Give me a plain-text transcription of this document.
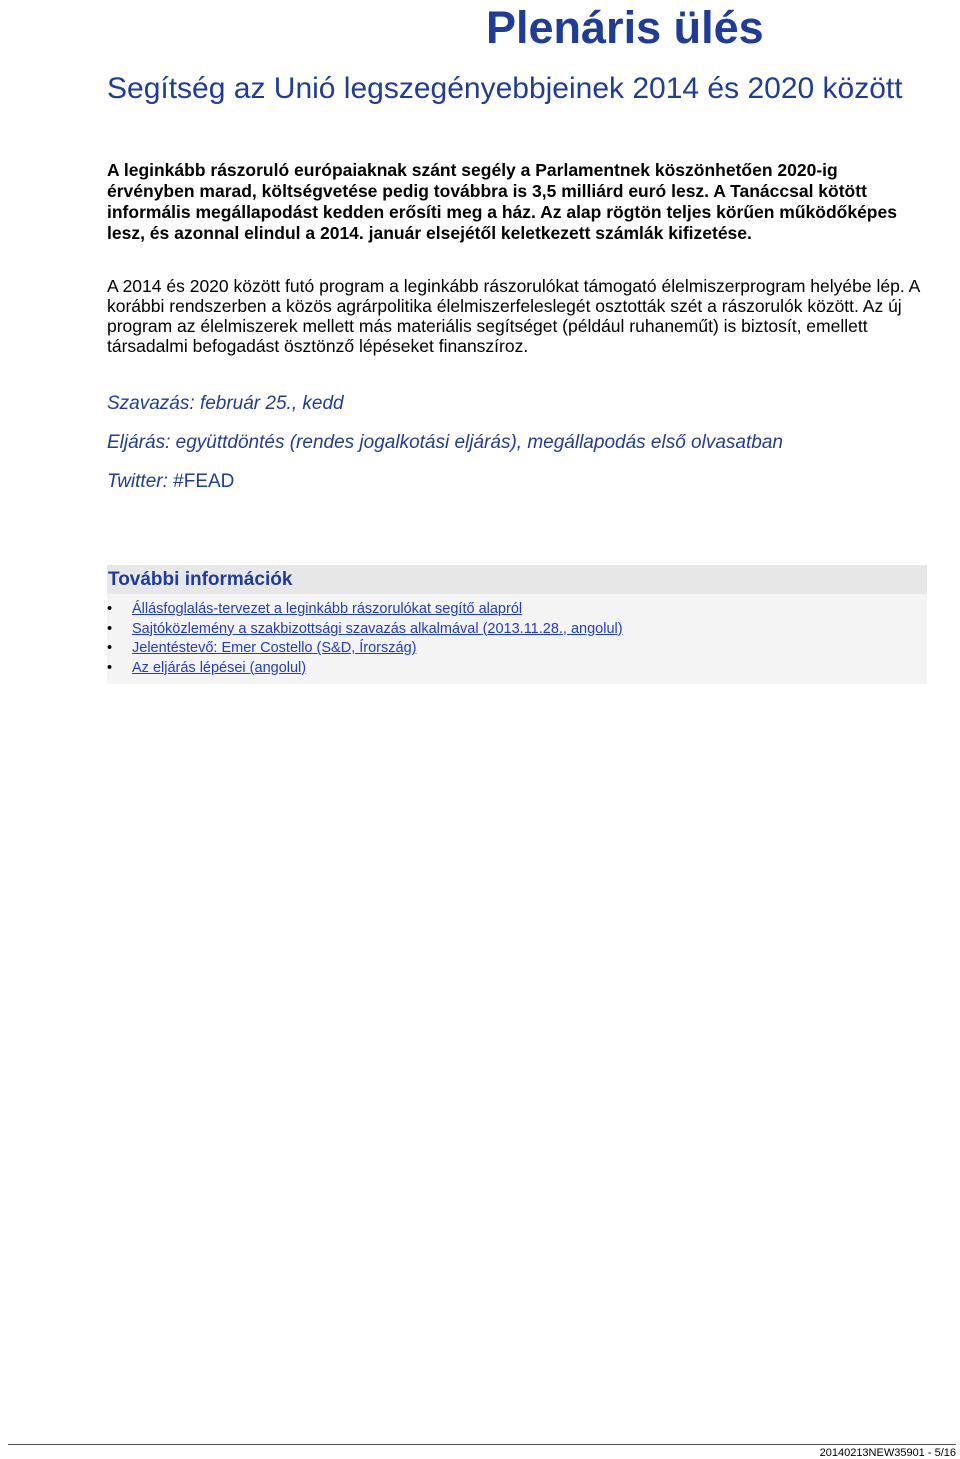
Plenáris ülés
Segítség az Unió legszegényebbjeinek 2014 és 2020 között

A leginkább rászoruló európaiaknak szánt segély a Parlamentnek köszönhetően 2020-ig érvényben marad, költségvetése pedig továbbra is 3,5 milliárd euró lesz. A Tanáccsal kötött informális megállapodást kedden erősíti meg a ház. Az alap rögtön teljes körűen működőképes lesz, és azonnal elindul a 2014. január elsejétől keletkezett számlák kifizetése.

A 2014 és 2020 között futó program a leginkább rászorulókat támogató élelmiszerprogram helyébe lép. A korábbi rendszerben a közös agrárpolitika élelmiszerfeleslegét osztották szét a rászorulók között. Az új program az élelmiszerek mellett más materiális segítséget (például ruhaneműt) is biztosít, emellett társadalmi befogadást ösztönző lépéseket finanszíroz.

Szavazás: február 25., kedd

Eljárás: együttdöntés (rendes jogalkotási eljárás), megállapodás első olvasatban

Twitter: #FEAD

További információk
• Állásfoglalás-tervezet a leginkább rászorulókat segítő alapról
• Sajtóközlemény a szakbizottsági szavazás alkalmával (2013.11.28., angolul)
• Jelentéstevő: Emer Costello (S&D, Írország)
• Az eljárás lépései (angolul)
20140213NEW35901 - 5/16
